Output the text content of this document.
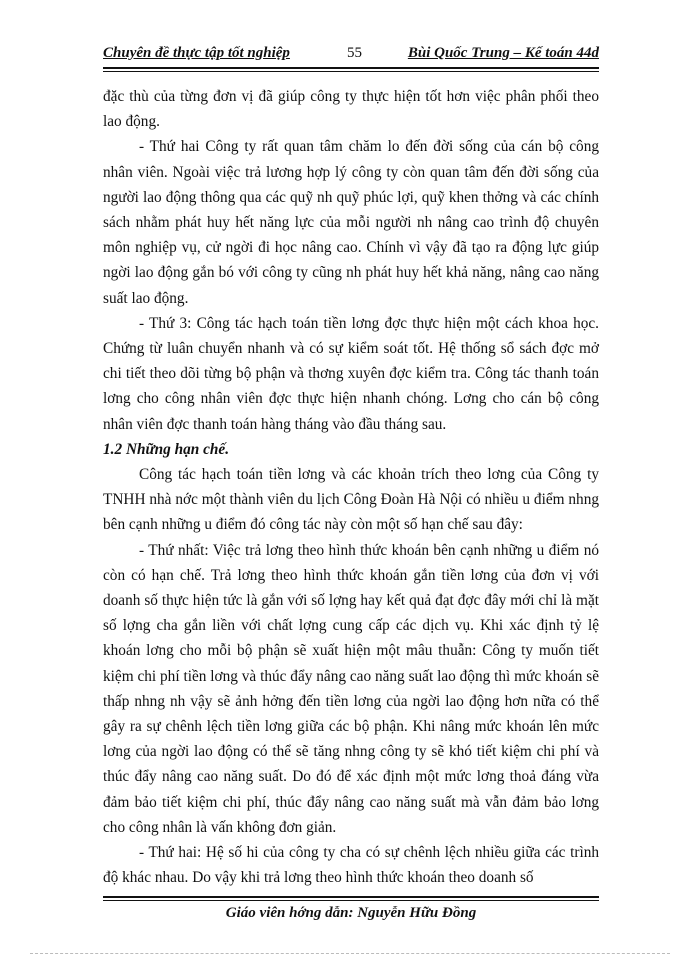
Chuyên đề thực tập tốt nghiệp	55	Bùi Quốc Trung – Kế toán 44d

đặc thù của từng đơn vị đã giúp công ty thực hiện tốt hơn việc phân phối theo lao động.

- Thứ hai Công ty rất quan tâm chăm lo đến đời sống của cán bộ công nhân viên. Ngoài việc trả lương hợp lý công ty còn quan tâm đến đời sống của người lao động thông qua các quỹ nh quỹ phúc lợi, quỹ khen thởng và các chính sách nhằm phát huy hết năng lực của mỗi người nh nâng cao trình độ chuyên môn nghiệp vụ, cử ngời đi học nâng cao. Chính vì vậy đã tạo ra động lực giúp ngời lao động gắn bó với công ty cũng nh phát huy hết khả năng, nâng cao năng suất lao động.

- Thứ 3: Công tác hạch toán tiền lơng đợc thực hiện một cách khoa học. Chứng từ luân chuyển nhanh và có sự kiểm soát tốt. Hệ thống sổ sách đợc mở chi tiết theo dõi từng bộ phận và thơng xuyên đợc kiểm tra. Công tác thanh toán lơng cho công nhân viên đợc thực hiện nhanh chóng. Lơng cho cán bộ công nhân viên đợc thanh toán hàng tháng vào đầu tháng sau.

1.2 Những hạn chế.

Công tác hạch toán tiền lơng và các khoản trích theo lơng của Công ty TNHH nhà nớc một thành viên du lịch Công Đoàn Hà Nội có nhiều u điểm nhng bên cạnh những u điểm đó công tác này còn một số hạn chế sau đây:

- Thứ nhất: Việc trả lơng theo hình thức khoán bên cạnh những u điểm nó còn có hạn chế. Trả lơng theo hình thức khoán gắn tiền lơng của đơn vị với doanh số thực hiện tức là gắn với số lợng hay kết quả đạt đợc đây mới chỉ là mặt số lợng cha gắn liền với chất lợng cung cấp các dịch vụ. Khi xác định tỷ lệ khoán lơng cho mỗi bộ phận sẽ xuất hiện một mâu thuẫn: Công ty muốn tiết kiệm chi phí tiền lơng và thúc đẩy nâng cao năng suất lao động thì mức khoán sẽ thấp nhng nh vậy sẽ ảnh hởng đến tiền lơng của ngời lao động hơn nữa có thể gây ra sự chênh lệch tiền lơng giữa các bộ phận. Khi nâng mức khoán lên mức lơng của ngời lao động có thể sẽ tăng nhng công ty sẽ khó tiết kiệm chi phí và thúc đẩy nâng cao năng suất. Do đó để xác định một mức lơng thoả đáng vừa đảm bảo tiết kiệm chi phí, thúc đẩy nâng cao năng suất mà vẫn đảm bảo lơng cho công nhân là vấn không đơn giản.

- Thứ hai: Hệ số hi của công ty cha có sự chênh lệch nhiều giữa các trình độ khác nhau. Do vậy khi trả lơng theo hình thức khoán theo doanh số

Giáo viên hớng dẫn: Nguyễn Hữu Đồng
